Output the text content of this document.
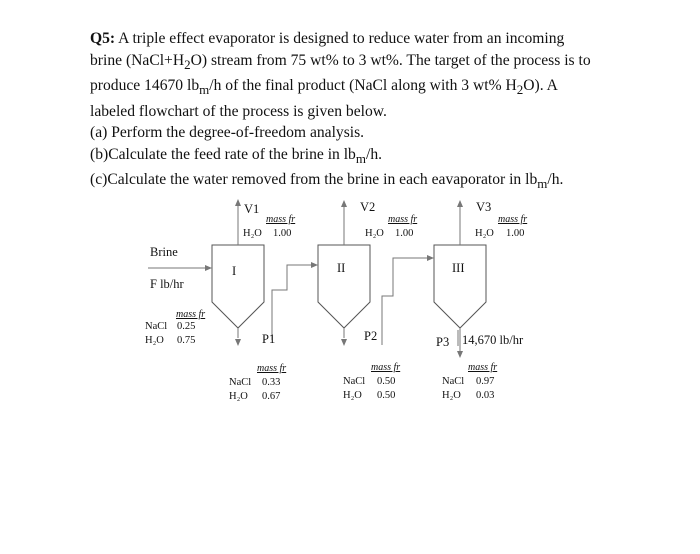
Q5: A triple effect evaporator is designed to reduce water from an incoming
brine $(NaCl+H_2O)$ stream from 75 wt% to 3 wt%. The target of the process is to
produce 14670 $lb_m/h$ of the final product (NaCl along with 3 wt% $H_2O$). A
labeled flowchart of the process is given below.

(a) Perform the degree-of-freedom analysis.

(b)Calculate the feed rate of the brine in $lb_m/h$.

(c)Calculate the water removed from the brine in each eavaporator in $lb_m/h$.

I	II	III
V1
mass fr
H₂O 1.00
V2
mass fr
H₂O 1.00
V3
mass fr
H₂O 1.00
Brine
F lb/hr
mass fr
NaCl 0.25
H₂O 0.75	P1	P2	P3 14,670 lb/hr
mass fr
NaCl 0.33
H₂O 0.67
mass fr
NaCl 0.50
H₂O 0.50
mass fr
NaCl 0.97
H₂O 0.03
